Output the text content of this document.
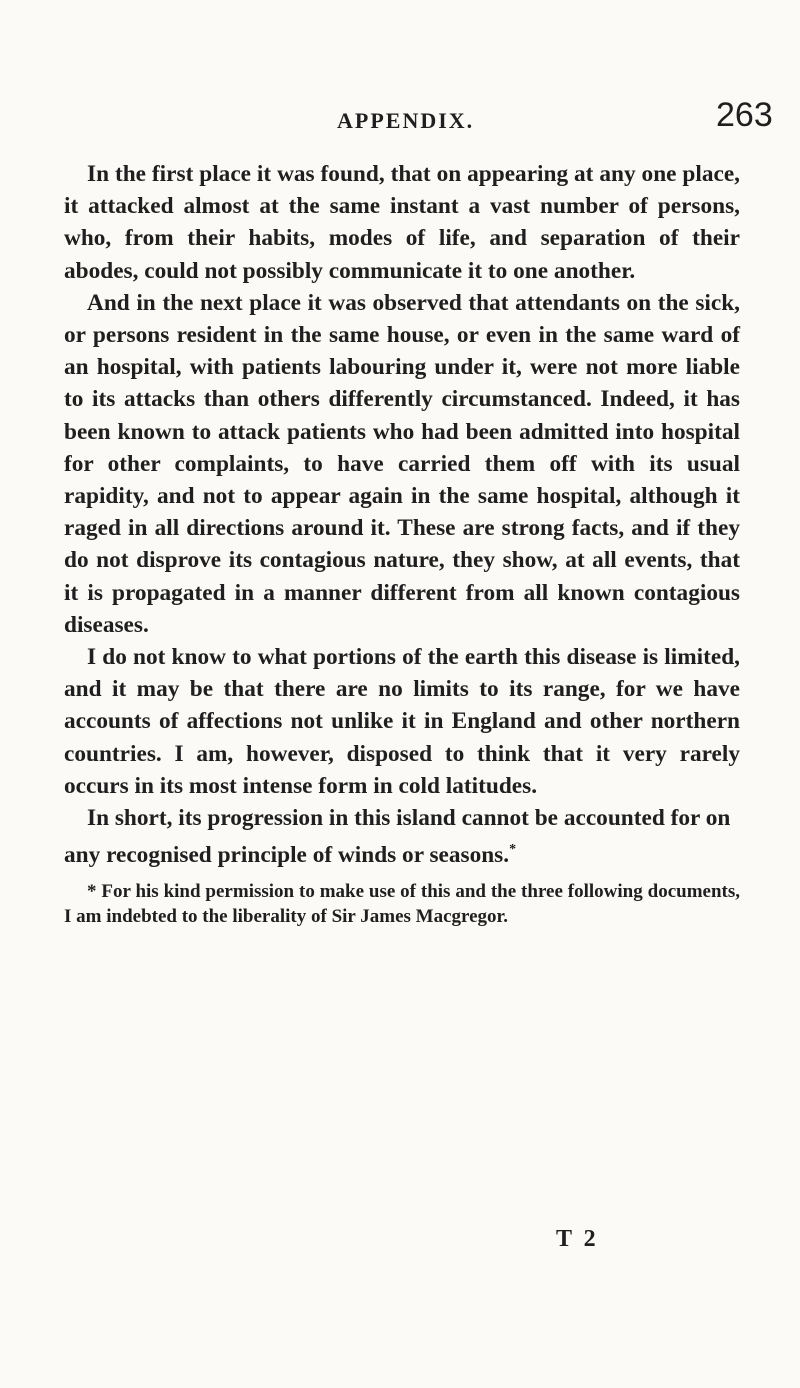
APPENDIX.	263

In the first place it was found, that on appearing at any one place, it attacked almost at the same instant a vast number of persons, who, from their habits, modes of life, and separation of their abodes, could not possibly communicate it to one another.

And in the next place it was observed that attendants on the sick, or persons resident in the same house, or even in the same ward of an hospital, with patients labouring under it, were not more liable to its attacks than others differently circumstanced. Indeed, it has been known to attack patients who had been admitted into hospital for other complaints, to have carried them off with its usual rapidity, and not to appear again in the same hospital, although it raged in all directions around it. These are strong facts, and if they do not disprove its contagious nature, they show, at all events, that it is propagated in a manner different from all known contagious diseases.

I do not know to what portions of the earth this disease is limited, and it may be that there are no limits to its range, for we have accounts of affections not unlike it in England and other northern countries. I am, however, disposed to think that it very rarely occurs in its most intense form in cold latitudes.

In short, its progression in this island cannot be accounted for on any recognised principle of winds or seasons.*

* For his kind permission to make use of this and the three following documents, I am indebted to the liberality of Sir James Macgregor.

T 2
